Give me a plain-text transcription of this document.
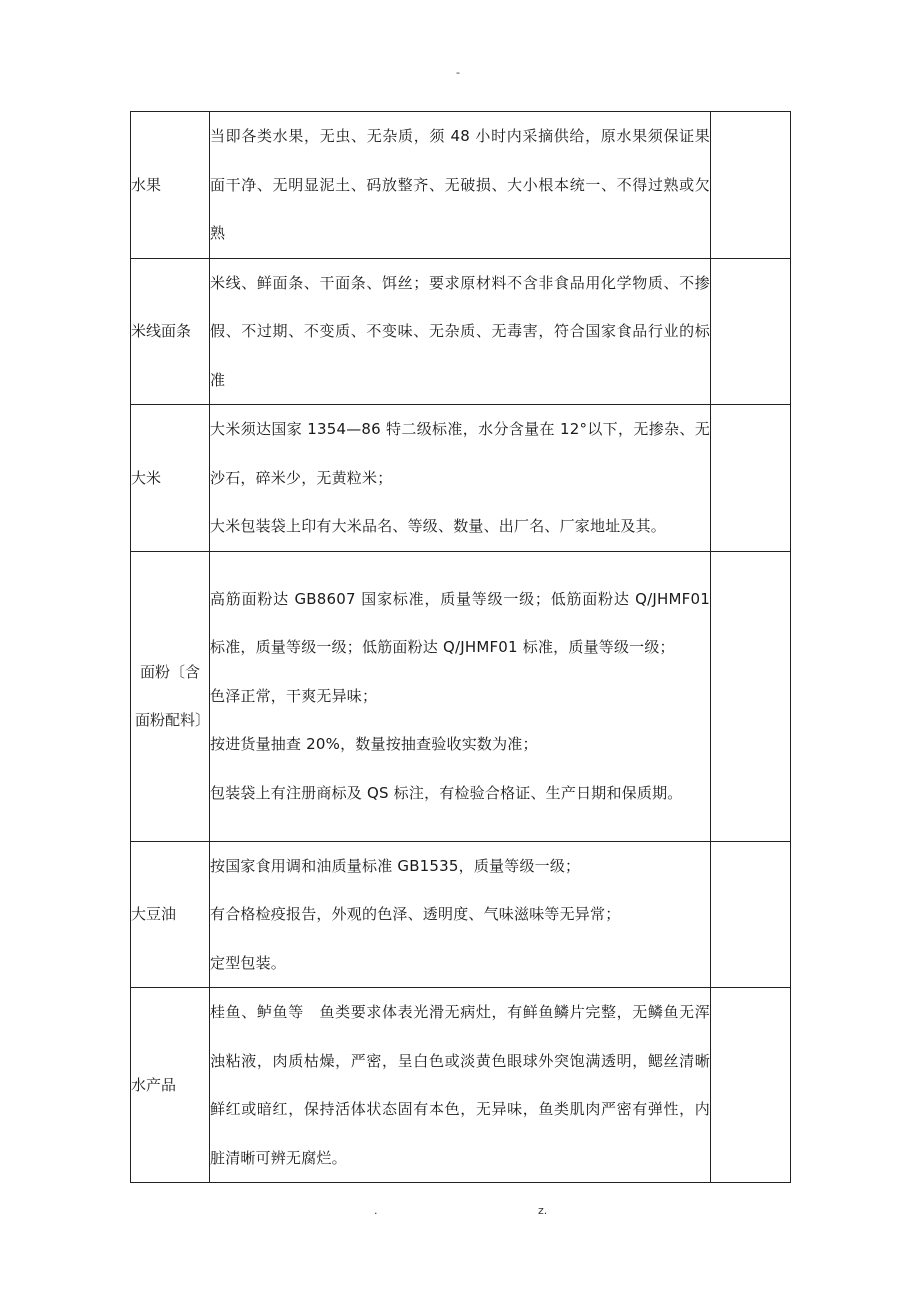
-
水果	当即各类水果，无虫、无杂质，须 48 小时内采摘供给，原水果须保证果面干净、无明显泥土、码放整齐、无破损、大小根本统一、不得过熟或欠熟	

米线面条	米线、鲜面条、干面条、饵丝；要求原材料不含非食品用化学物质、不掺假、不过期、不变质、不变味、无杂质、无毒害，符合国家食品行业的标准	

大米	大米须达国家 1354—86 特二级标准，水分含量在 12°以下，无掺杂、无沙石，碎米少，无黄粒米；
大米包装袋上印有大米品名、等级、数量、出厂名、厂家地址及其。	

面粉〔含面粉配料〕	高筋面粉达 GB8607 国家标准，质量等级一级；低筋面粉达 Q/JHMF01 标准，质量等级一级；低筋面粉达 Q/JHMF01 标准，质量等级一级；
色泽正常，干爽无异味；
按进货量抽查 20%，数量按抽查验收实数为准；
包装袋上有注册商标及 QS 标注，有检验合格证、生产日期和保质期。	

大豆油	按国家食用调和油质量标准 GB1535，质量等级一级；
有合格检疫报告，外观的色泽、透明度、气味滋味等无异常；
定型包装。	

水产品	桂鱼、鲈鱼等　鱼类要求体表光滑无病灶，有鲜鱼鳞片完整，无鳞鱼无浑浊粘液，肉质枯燥，严密，呈白色或淡黄色眼球外突饱满透明，鳃丝清晰鲜红或暗红，保持活体状态固有本色，无异味，鱼类肌肉严密有弹性，内脏清晰可辨无腐烂。	

.	z.
